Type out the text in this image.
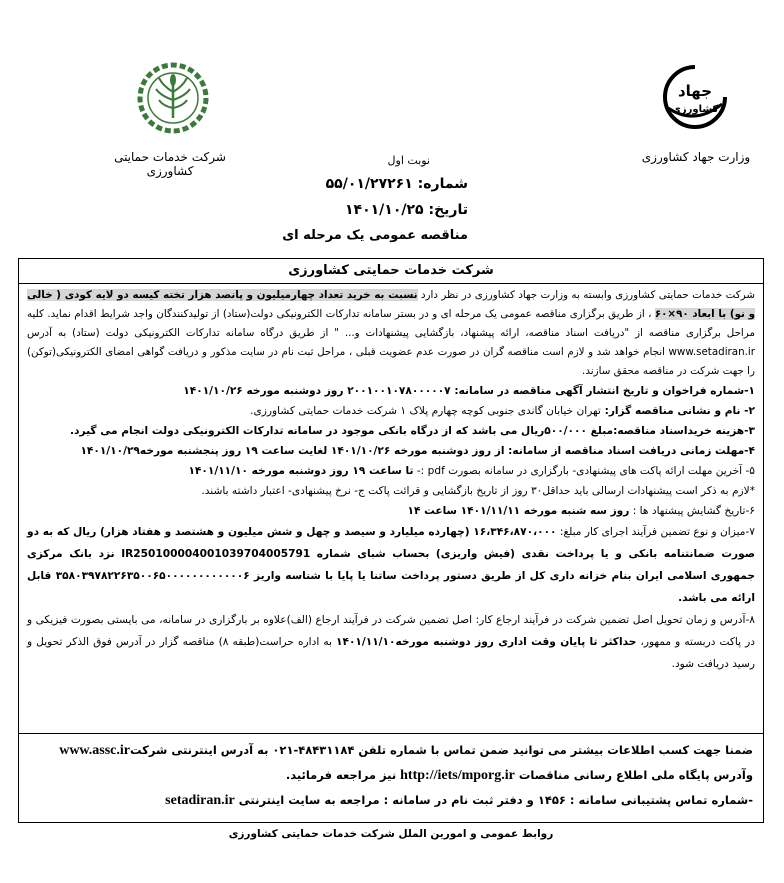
جهاد
کشاورزی
شرکت خدمات حمایتی کشاورزی
وزارت جهاد کشاورزی
نوبت اول
شماره: ۵۵/۰۱/۲۷۲۶۱
تاریخ: ۱۴۰۱/۱۰/۲۵
مناقصه عمومی یک مرحله ای
شرکت خدمات حمایتی کشاورزی

شرکت خدمات حمایتی کشاورزی وابسته به وزارت جهاد کشاورزی در نظر دارد نسبت به خرید تعداد چهارمیلیون و پانصد هزار تخته کیسه دو لایه کودی ( خالی و نو) با ابعاد ۹۰×۶۰ ، از طریق برگزاری مناقصه عمومی یک مرحله ای و در بستر سامانه تدارکات الکترونیکی دولت(ستاد) از تولیدکنندگان واجد شرایط اقدام نماید. کلیه مراحل برگزاری مناقصه از "دریافت اسناد مناقصه، ارائه پیشنهاد، بازگشایی پیشنهادات و... " از طریق درگاه سامانه تدارکات الکترونیکی دولت (ستاد) به آدرس www.setadiran.ir انجام خواهد شد و لازم است مناقصه گران در صورت عدم عضویت قبلی ، مراحل ثبت نام در سایت مذکور و دریافت گواهی امضای الکترونیکی(توکن) را جهت شرکت در مناقصه محقق سازند.

۱-شماره فراخوان و تاریخ انتشار آگهی مناقصه در سامانه: ۲۰۰۱۰۰۱۰۷۸۰۰۰۰۰۷ روز دوشنبه مورخه ۱۴۰۱/۱۰/۲۶

۲- نام و نشانی مناقصه گزار: تهران خیابان گاندی جنوبی کوچه چهارم پلاک ۱ شرکت خدمات حمایتی کشاورزی.

۳-هزینه خریداسناد مناقصه:مبلغ ۵۰۰/۰۰۰ریال می باشد که از درگاه بانکی موجود در سامانه تدارکات الکترونیکی دولت انجام می گیرد.

۴-مهلت زمانی دریافت اسناد مناقصه از سامانه: از روز دوشنبه مورخه ۱۴۰۱/۱۰/۲۶ لغایت ساعت ۱۹ روز پنجشنبه مورخه۱۴۰۱/۱۰/۲۹

۵- آخرین مهلت ارائه پاکت های پیشنهادی- بارگزاری در سامانه بصورت pdf :- تا ساعت ۱۹ روز دوشنبه مورخه ۱۴۰۱/۱۱/۱۰

*لازم به ذکر است پیشنهادات ارسالی باید حداقل۳۰ روز از تاریخ بازگشایی و قرائت پاکت ج- نرخ پیشنهادی- اعتبار داشته باشند.

۶-تاریخ گشایش پیشنهاد ها : روز سه شنبه مورخه ۱۴۰۱/۱۱/۱۱ ساعت ۱۴

۷-میزان و نوع تضمین فرآیند اجرای کار مبلغ: ۱۶،۳۴۶،۸۷۰،۰۰۰ (چهارده میلیارد و سیصد و چهل و شش میلیون و هشتصد و هفتاد هزار) ریال که به دو صورت ضمانتنامه بانکی و یا پرداخت نقدی (فیش واریزی) بحساب شبای شماره IR250100004001039704005791 نزد بانک مرکزی جمهوری اسلامی ایران بنام خزانه داری کل از طریق دستور پرداخت ساتنا یا پایا با شناسه واریز ۳۵۸۰۳۹۷۸۲۲۶۳۵۰۰۶۵۰۰۰۰۰۰۰۰۰۰۰۰۶ قابل ارائه می باشد.

۸-آدرس و زمان تحویل اصل تضمین شرکت در فرآیند ارجاع کار: اصل تضمین شرکت در فرآیند ارجاع (الف)علاوه بر بارگزاری در سامانه، می بایستی بصورت فیزیکی و در پاکت دربسته و ممهور، حداکثر تا پایان وقت اداری روز دوشنبه مورخه۱۴۰۱/۱۱/۱۰ به اداره حراست(طبقه ۸) مناقصه گزار در آدرس فوق الذکر تحویل و رسید دریافت شود.

ضمنا جهت کسب اطلاعات بیشتر می توانید ضمن تماس با شماره تلفن ۴۸۴۳۱۱۸۴-۰۲۱ به آدرس اینترنتی شرکتwww.assc.ir

وآدرس پایگاه ملی اطلاع رسانی مناقصات http://iets/mporg.ir نیز مراجعه فرمائید.

-شماره تماس پشتیبانی سامانه : ۱۴۵۶ و دفتر ثبت نام در سامانه : مراجعه به سایت اینترنتی setadiran.ir

روابط عمومی و امورین الملل شرکت خدمات حمایتی کشاورزی
